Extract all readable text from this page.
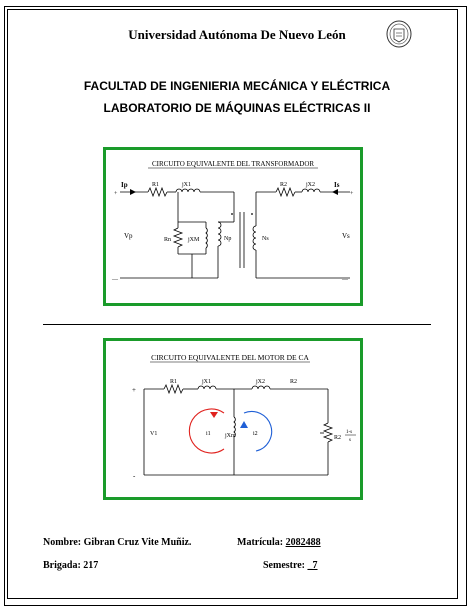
Universidad Autónoma De Nuevo León
FACULTAD DE INGENIERIA MECÁNICA Y ELÉCTRICA
LABORATORIO DE MÁQUINAS ELÉCTRICAS II
CIRCUITO EQUIVALENTE DEL TRANSFORMADOR
Ip
+
R1	jX1
Rn	jXM	Np	Ns
R2	jX2	Is
+
—	—
Vp	Vs
CIRCUITO EQUIVALENTE DEL MOTOR DE CA
R1	jX1	jX2	R2
+
V1	jXm	R2
1-s
s
-
i1	i2
Nombre: Gibran Cruz Vite Muñiz.	Matrícula: 2082488
Brigada: 217	Semestre: _7
